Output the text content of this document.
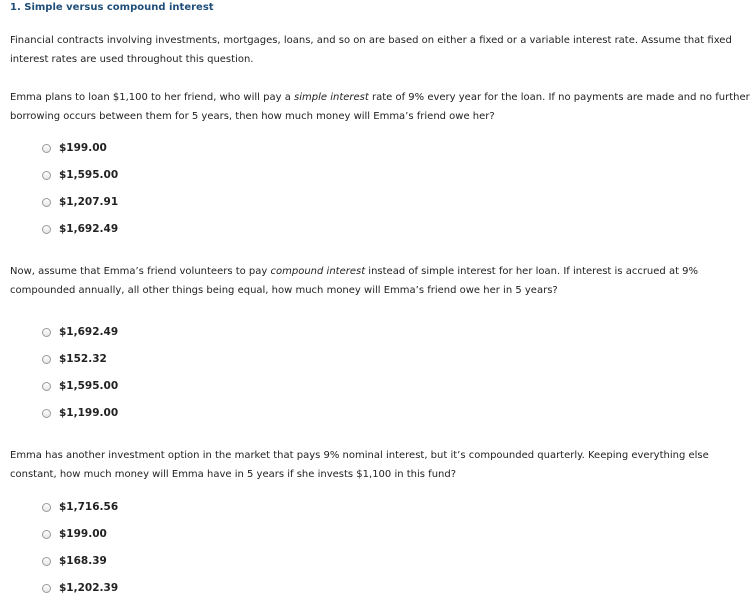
1. Simple versus compound interest
Financial contracts involving investments, mortgages, loans, and so on are based on either a fixed or a variable interest rate. Assume that fixed interest rates are used throughout this question.
Emma plans to loan $1,100 to her friend, who will pay a simple interest rate of 9% every year for the loan. If no payments are made and no further borrowing occurs between them for 5 years, then how much money will Emma’s friend owe her?
$199.00
$1,595.00
$1,207.91
$1,692.49
Now, assume that Emma’s friend volunteers to pay compound interest instead of simple interest for her loan. If interest is accrued at 9% compounded annually, all other things being equal, how much money will Emma’s friend owe her in 5 years?
$1,692.49
$152.32
$1,595.00
$1,199.00
Emma has another investment option in the market that pays 9% nominal interest, but it’s compounded quarterly. Keeping everything else constant, how much money will Emma have in 5 years if she invests $1,100 in this fund?
$1,716.56
$199.00
$168.39
$1,202.39
